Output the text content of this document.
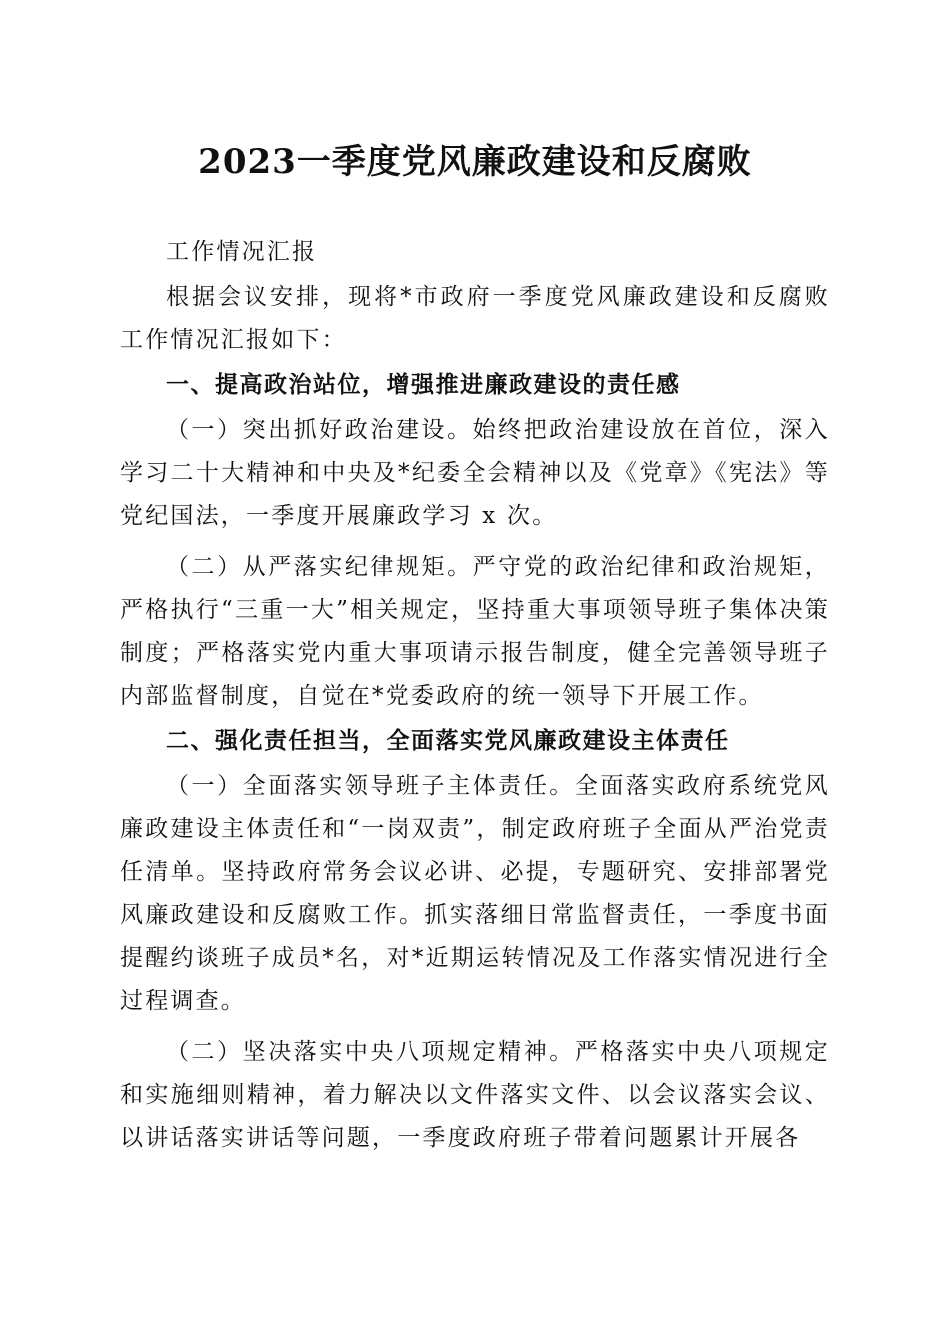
2023一季度党风廉政建设和反腐败

工作情况汇报

根据会议安排，现将*市政府一季度党风廉政建设和反腐败工作情况汇报如下：

一、提高政治站位，增强推进廉政建设的责任感

（一）突出抓好政治建设。始终把政治建设放在首位，深入学习二十大精神和中央及*纪委全会精神以及《党章》《宪法》等党纪国法，一季度开展廉政学习 x 次。

（二）从严落实纪律规矩。严守党的政治纪律和政治规矩，严格执行“三重一大”相关规定，坚持重大事项领导班子集体决策制度；严格落实党内重大事项请示报告制度，健全完善领导班子内部监督制度，自觉在*党委政府的统一领导下开展工作。

二、强化责任担当，全面落实党风廉政建设主体责任

（一）全面落实领导班子主体责任。全面落实政府系统党风廉政建设主体责任和“一岗双责”，制定政府班子全面从严治党责任清单。坚持政府常务会议必讲、必提，专题研究、安排部署党风廉政建设和反腐败工作。抓实落细日常监督责任，一季度书面提醒约谈班子成员*名，对*近期运转情况及工作落实情况进行全过程调查。

（二）坚决落实中央八项规定精神。严格落实中央八项规定和实施细则精神，着力解决以文件落实文件、以会议落实会议、以讲话落实讲话等问题，一季度政府班子带着问题累计开展各
